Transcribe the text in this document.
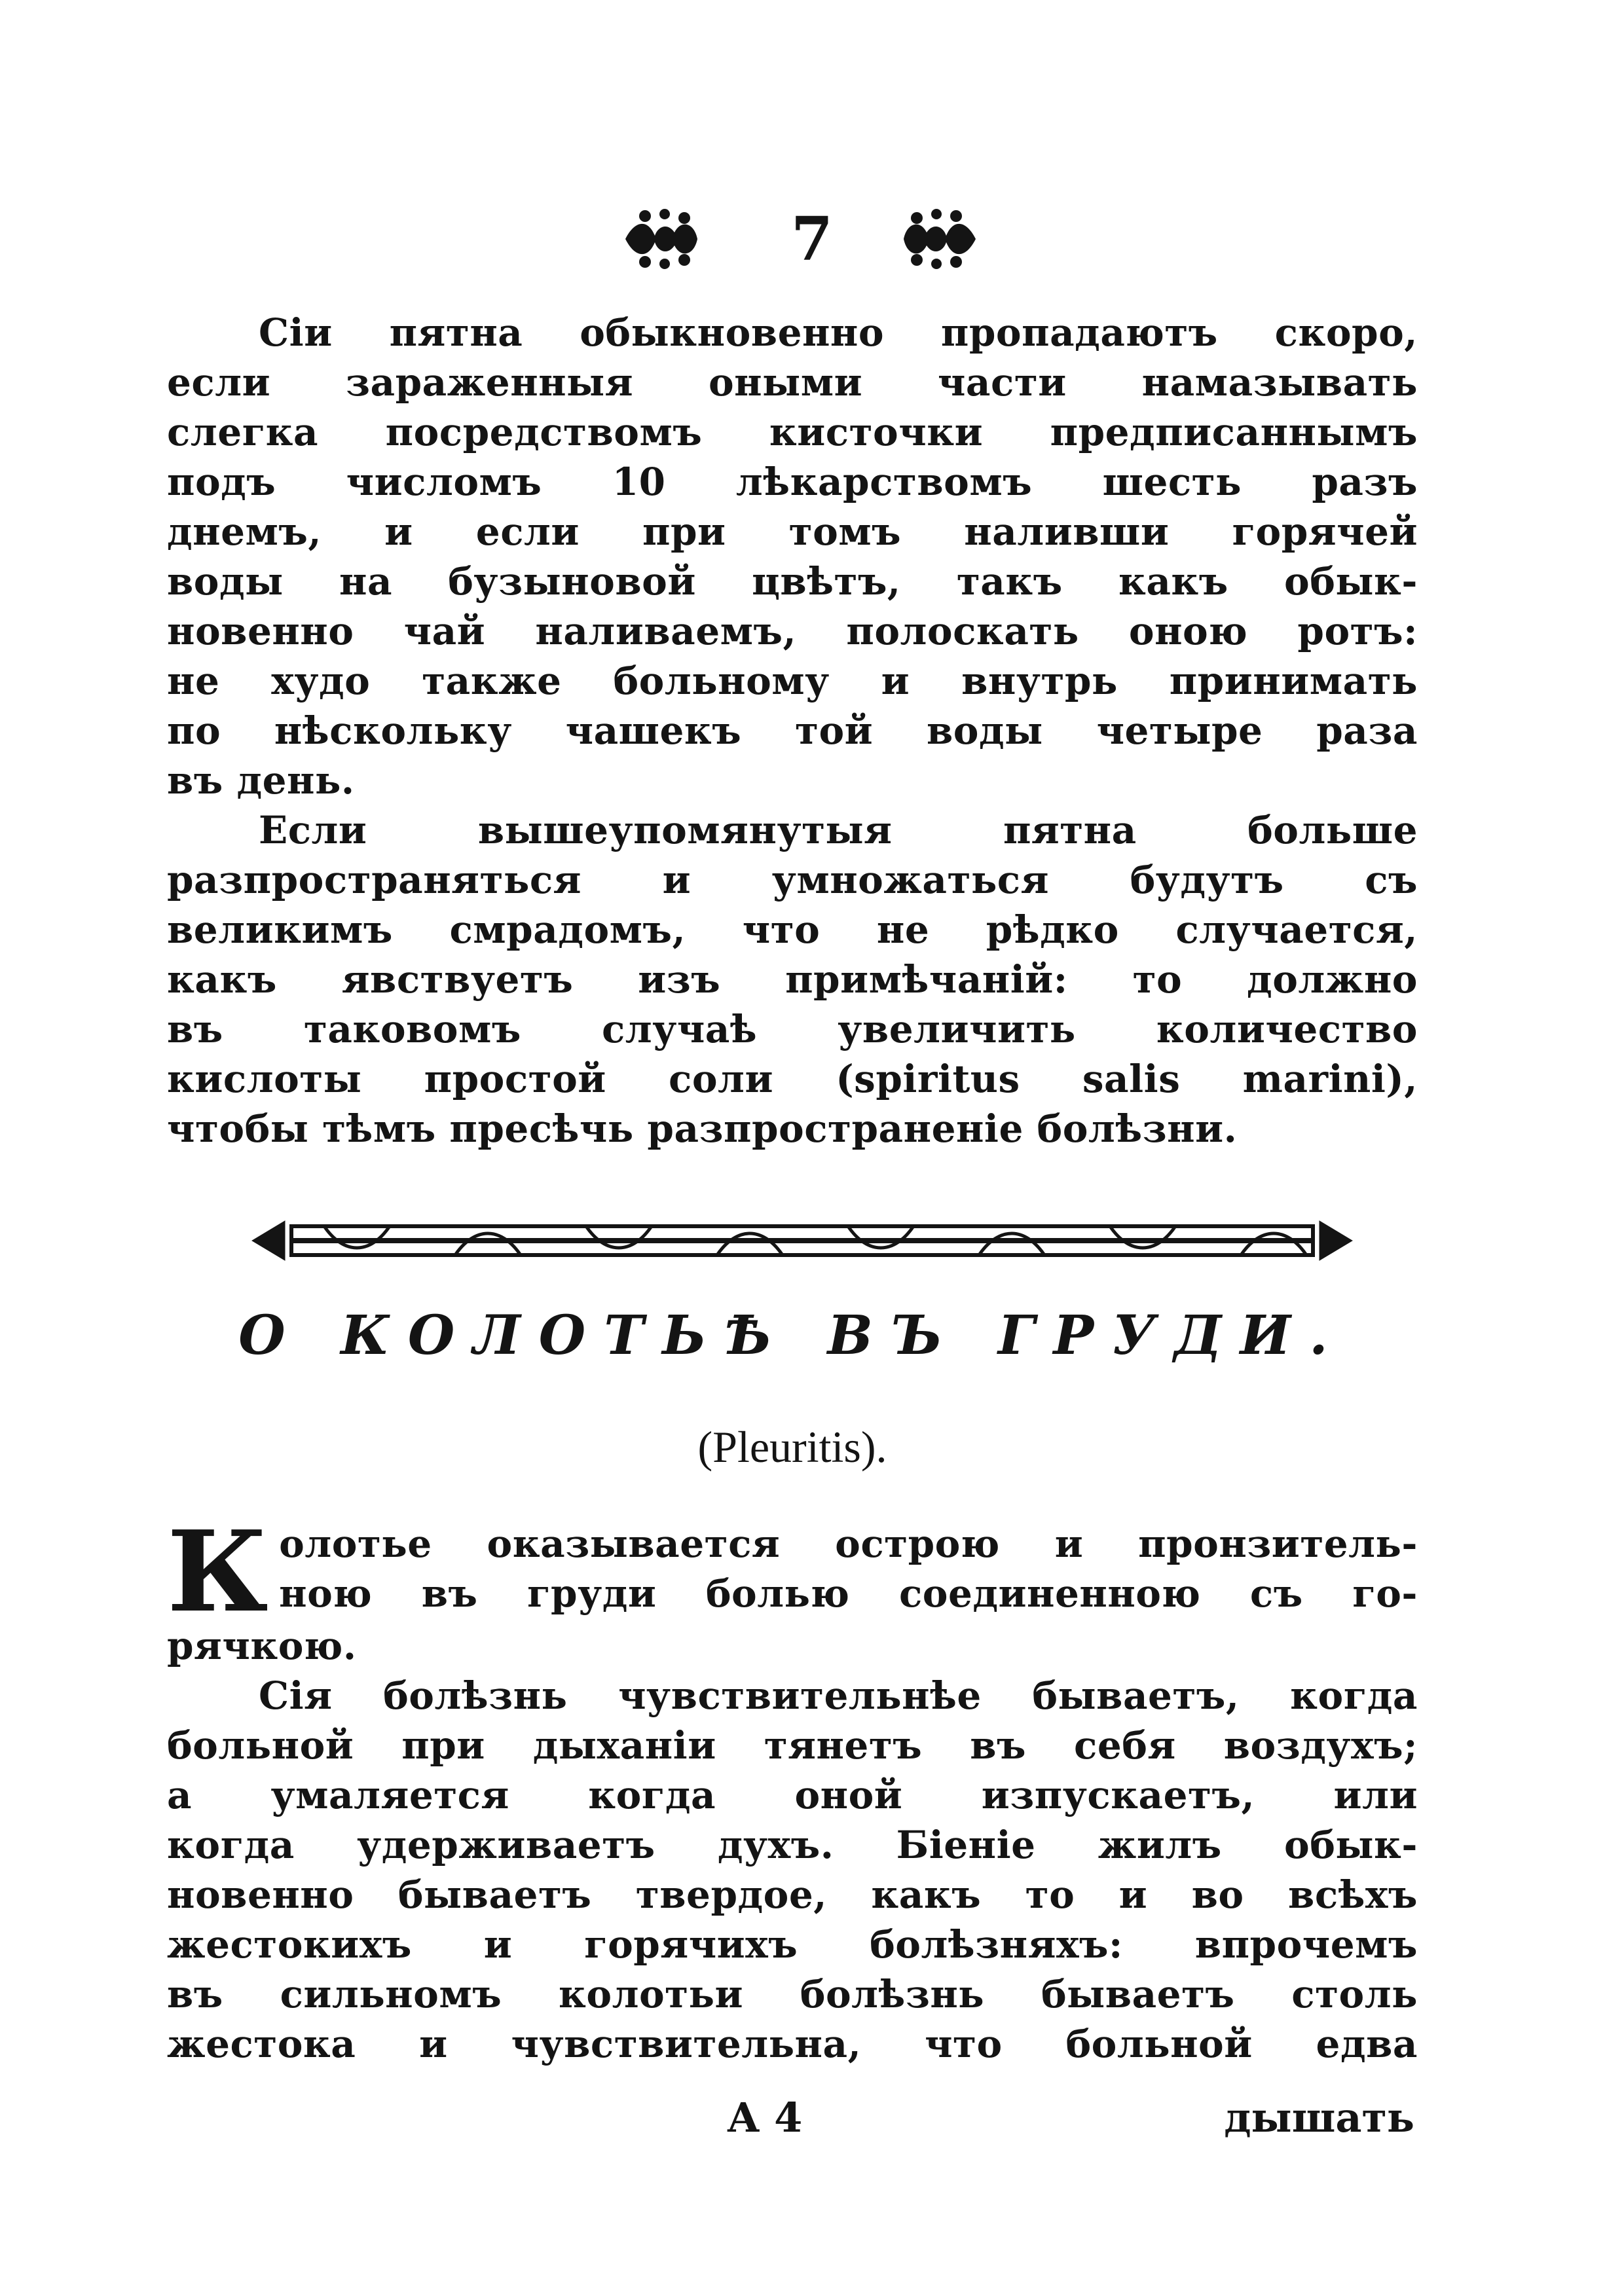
7

Сiи пятна обыкновенно пропадаютъ скоро,
если зараженныя оными части намазывать
слегка посредствомъ кисточки предписаннымъ
подъ числомъ 10 лѣкарствомъ шесть разъ
днемъ, и если при томъ наливши горячей
воды на бузыновой цвѣтъ, такъ какъ обык-
новенно чай наливаемъ, полоскать оною ротъ:
не худо также больному и внутрь принимать
по нѣскольку чашекъ той воды четыре раза
въ день.

Если вышеупомянутыя пятна больше
разпространяться и умножаться будутъ съ
великимъ смрадомъ, что не рѣдко случается,
какъ явствуетъ изъ примѣчанiй: то должно
въ таковомъ случаѣ увеличить количество
кислоты простой соли (spiritus salis marini),
чтобы тѣмъ пресѣчь разпространенiе болѣзни.

О КОЛОТЬѢ ВЪ ГРУДИ.
(Pleuritis).

К олотье оказывается острою и пронзитель-
ною въ груди болью соединенною съ го-
рячкою.

Сiя болѣзнь чувствительнѣе бываетъ, когда
больной при дыханiи тянетъ въ себя воздухъ;
а умаляется когда оной изпускаетъ, или
когда удерживаетъ духъ. Бiенiе жилъ обык-
новенно бываетъ твердое, какъ то и во всѣхъ
жестокихъ и горячихъ болѣзняхъ: впрочемъ
въ сильномъ колотьи болѣзнь бываетъ столь
жестока и чувствительна, что больной едва

А 4	дышать
